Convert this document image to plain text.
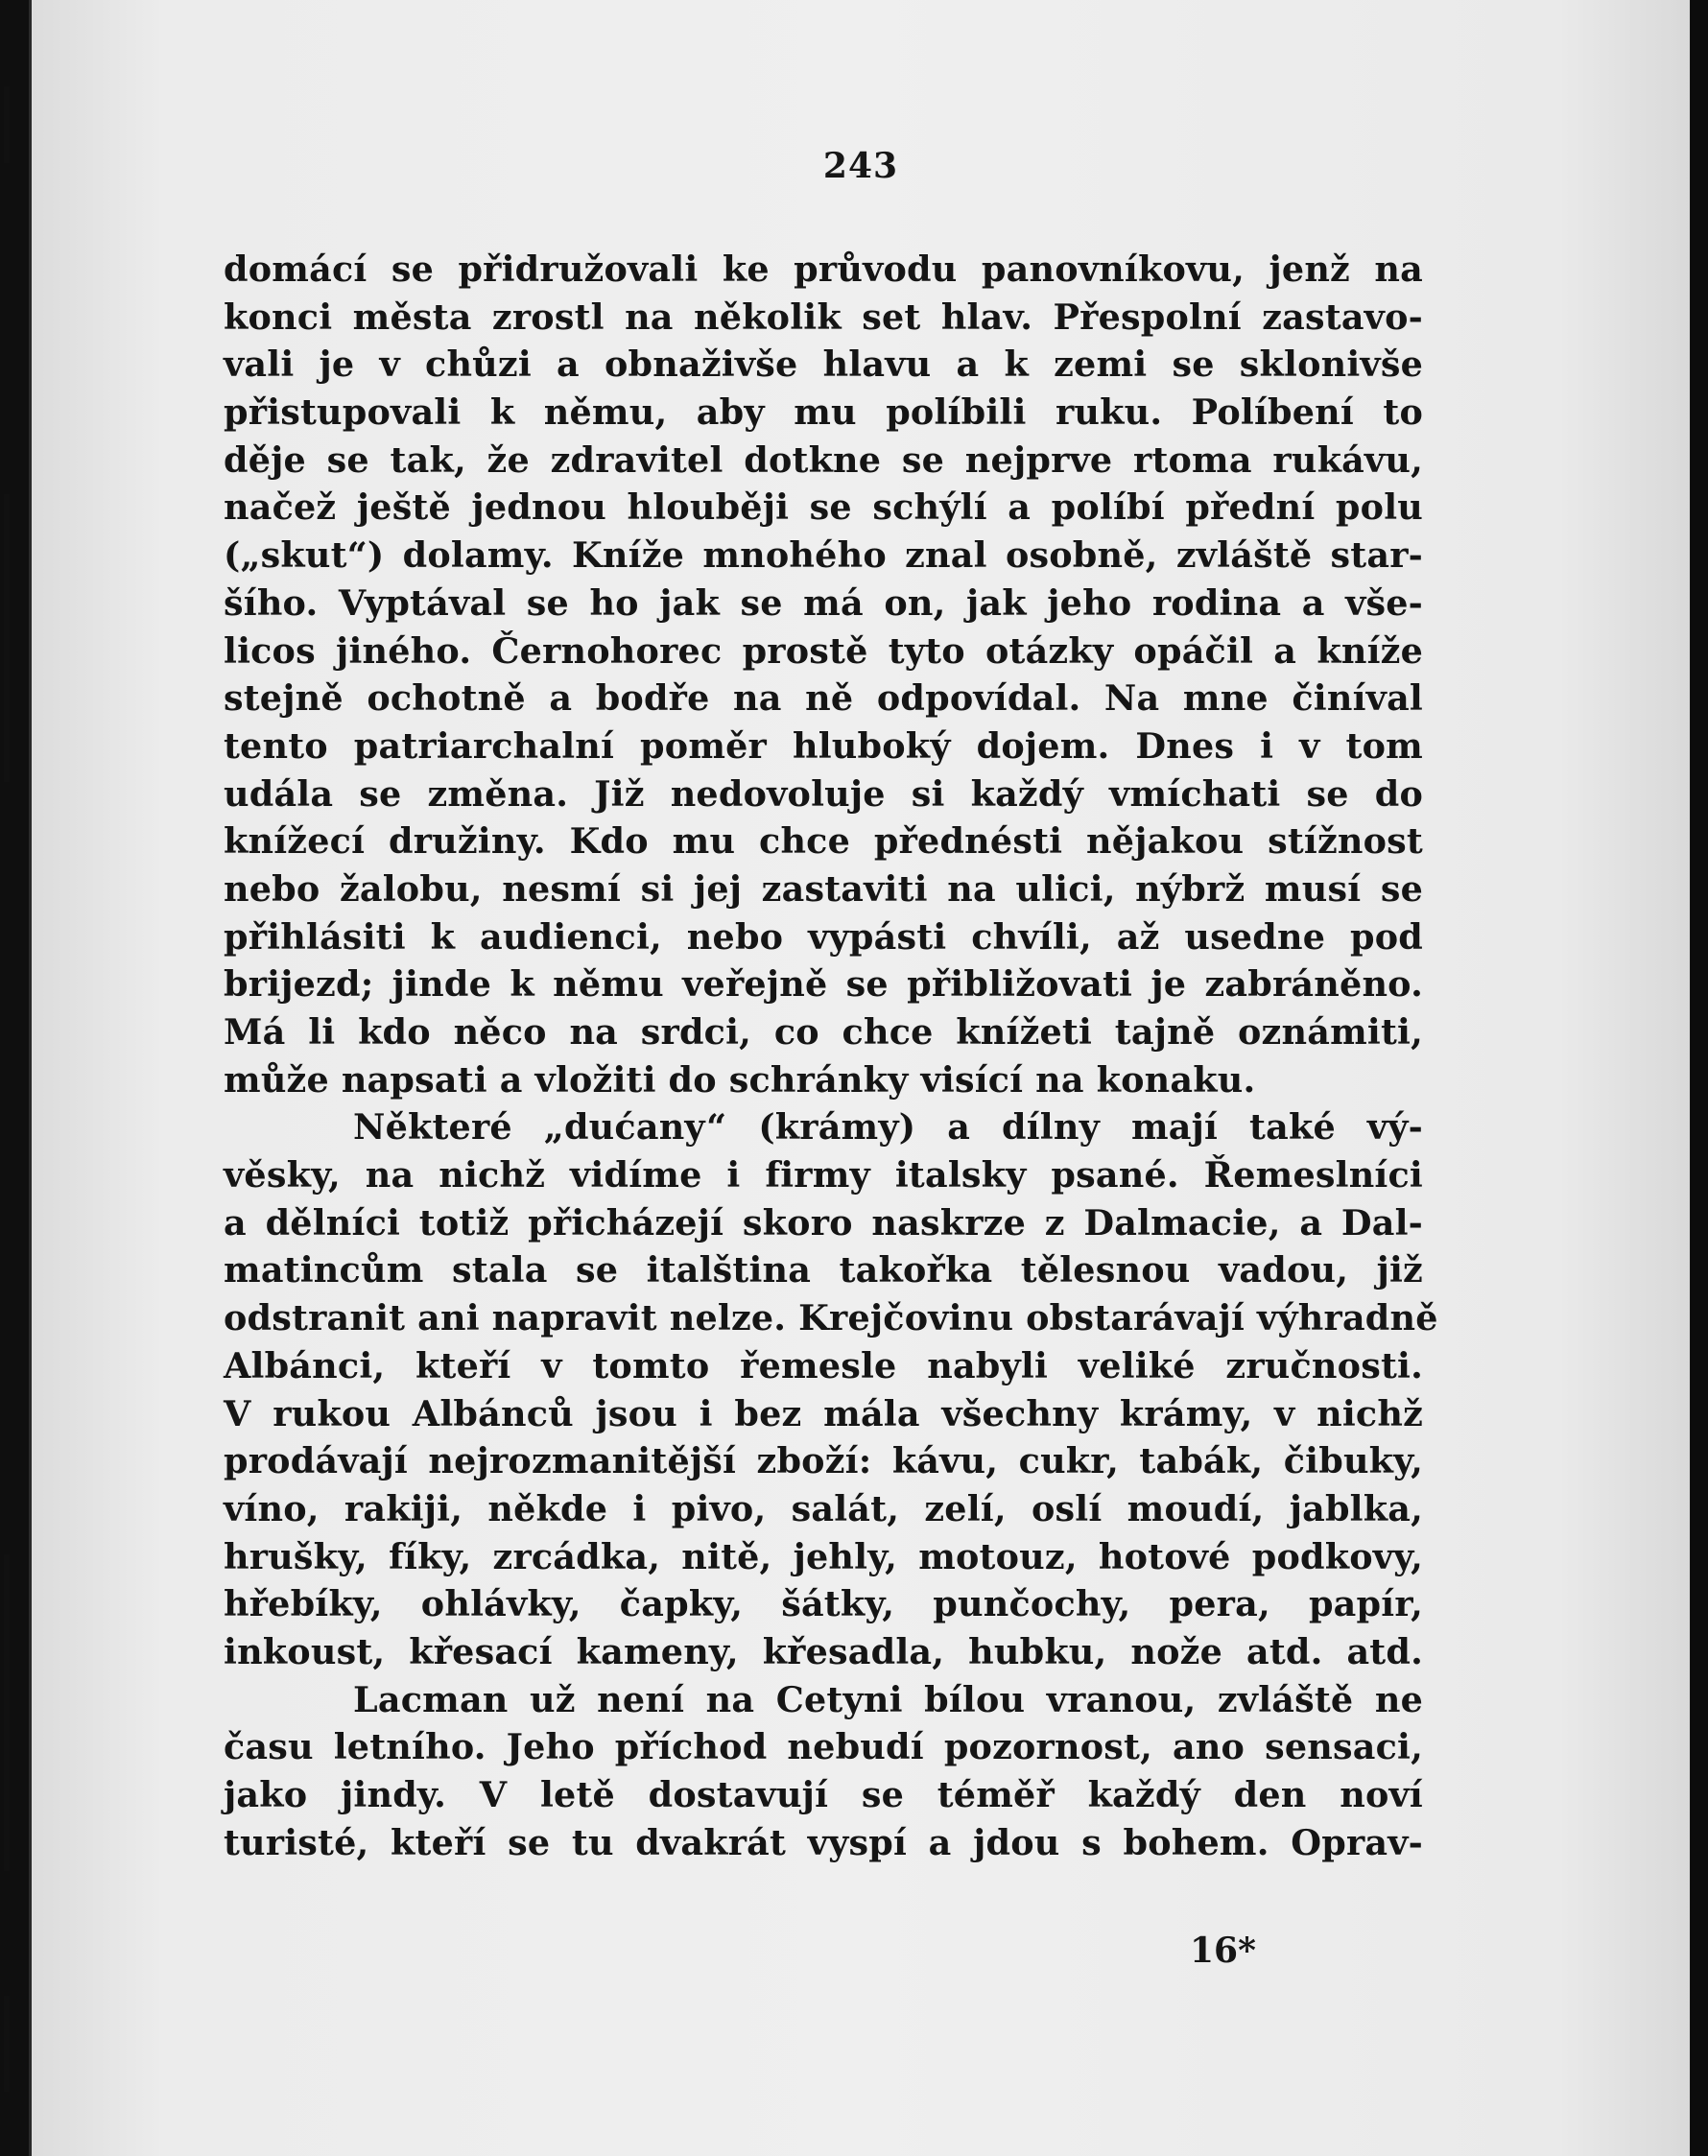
243
domácí se přidružovali ke průvodu panovníkovu, jenž na
konci města zrostl na několik set hlav. Přespolní zastavo-
vali je v chůzi a obnaživše hlavu a k zemi se sklonivše
přistupovali k němu, aby mu políbili ruku. Políbení to
děje se tak, že zdravitel dotkne se nejprve rtoma rukávu,
načež ještě jednou hlouběji se schýlí a políbí přední polu
(„skut“) dolamy. Kníže mnohého znal osobně, zvláště star-
šího. Vyptával se ho jak se má on, jak jeho rodina a vše-
licos jiného. Černohorec prostě tyto otázky opáčil a kníže
stejně ochotně a bodře na ně odpovídal. Na mne činíval
tento patriarchalní poměr hluboký dojem. Dnes i v tom
udála se změna. Již nedovoluje si každý vmíchati se do
knížecí družiny. Kdo mu chce přednésti nějakou stížnost
nebo žalobu, nesmí si jej zastaviti na ulici, nýbrž musí se
přihlásiti k audienci, nebo vypásti chvíli, až usedne pod
brijezd; jinde k němu veřejně se přibližovati je zabráněno.
Má li kdo něco na srdci, co chce knížeti tajně oznámiti,
může napsati a vložiti do schránky visící na konaku.
Některé „dućany“ (krámy) a dílny mají také vý-
věsky, na nichž vidíme i firmy italsky psané. Řemeslníci
a dělníci totiž přicházejí skoro naskrze z Dalmacie, a Dal-
matincům stala se italština takořka tělesnou vadou, již
odstranit ani napravit nelze. Krejčovinu obstarávají výhradně
Albánci, kteří v tomto řemesle nabyli veliké zručnosti.
V rukou Albánců jsou i bez mála všechny krámy, v nichž
prodávají nejrozmanitější zboží: kávu, cukr, tabák, čibuky,
víno, rakiji, někde i pivo, salát, zelí, oslí moudí, jablka,
hrušky, fíky, zrcádka, nitě, jehly, motouz, hotové podkovy,
hřebíky, ohlávky, čapky, šátky, punčochy, pera, papír,
inkoust, křesací kameny, křesadla, hubku, nože atd. atd.
Lacman už není na Cetyni bílou vranou, zvláště ne
času letního. Jeho příchod nebudí pozornost, ano sensaci,
jako jindy. V letě dostavují se téměř každý den noví
turisté, kteří se tu dvakrát vyspí a jdou s bohem. Oprav-
16*
